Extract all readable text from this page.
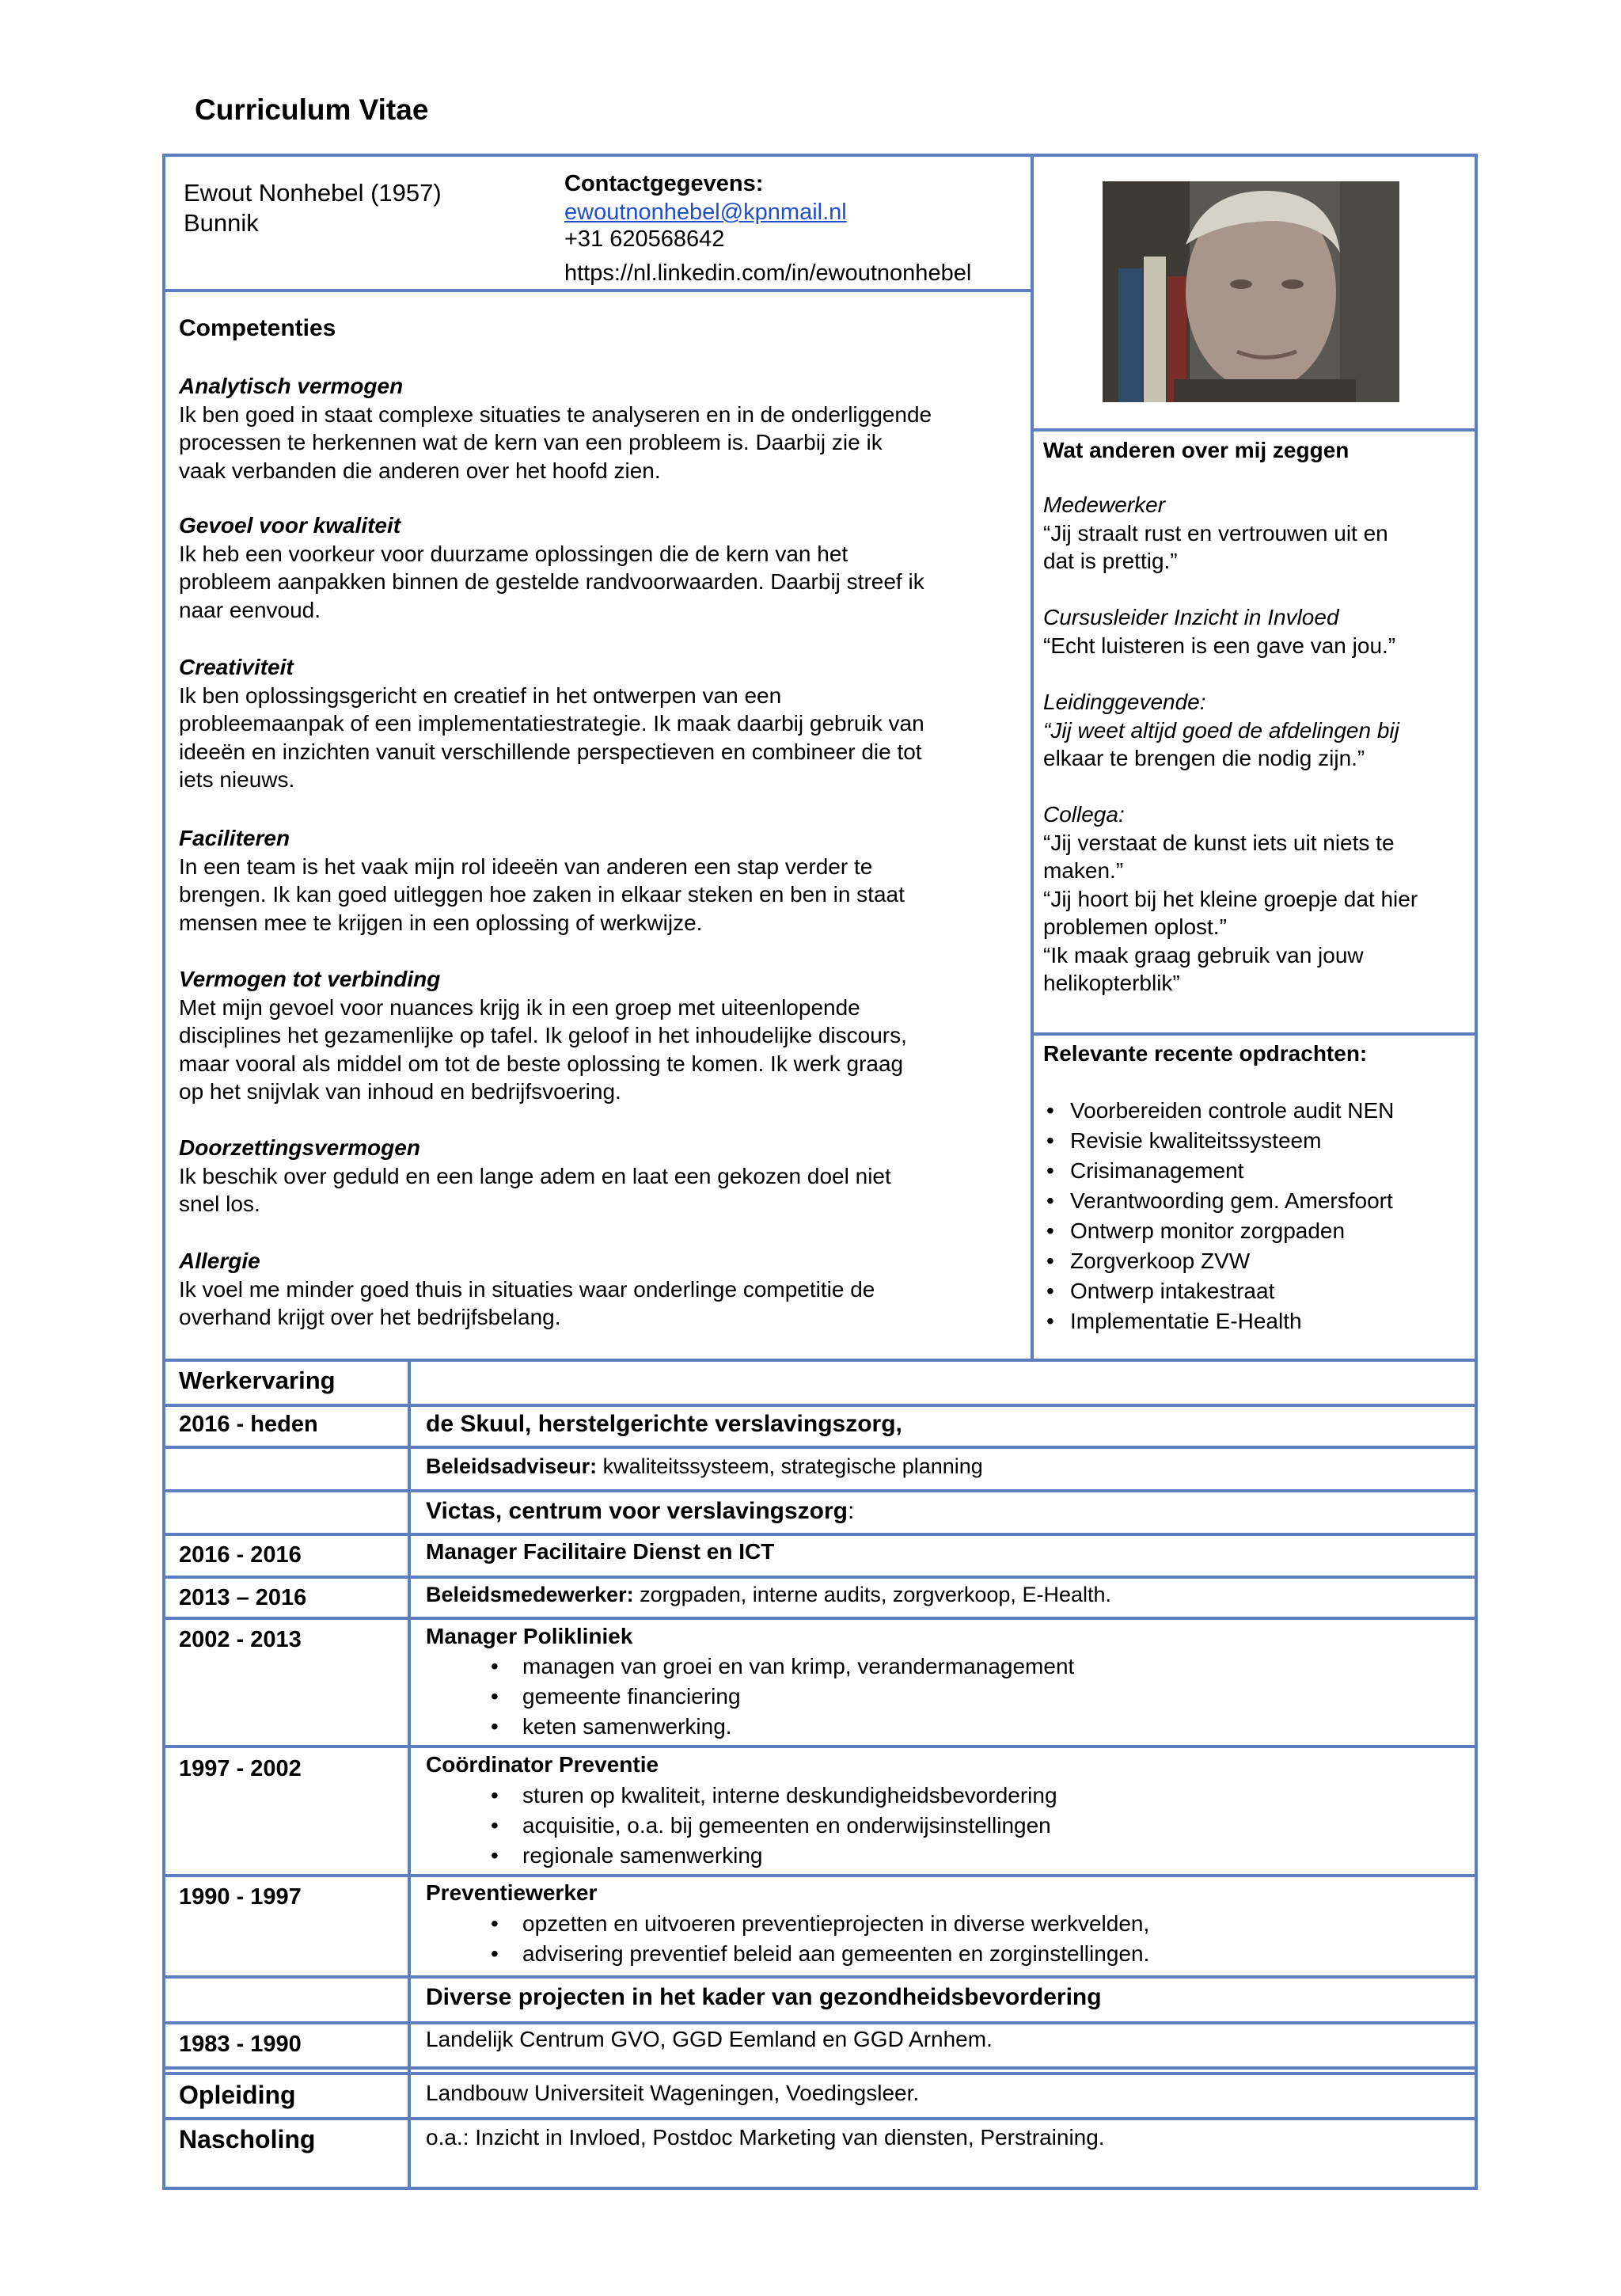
Curriculum Vitae
Ewout Nonhebel (1957)
Bunnik
Contactgegevens:
ewoutnonhebel@kpnmail.nl
+31 620568642
https://nl.linkedin.com/in/ewoutnonhebel
Competenties
Analytisch vermogen
Ik ben goed in staat complexe situaties te analyseren en in de onderliggende
processen te herkennen wat de kern van een probleem is. Daarbij zie ik
vaak verbanden die anderen over het hoofd zien.
Gevoel voor kwaliteit
Ik heb een voorkeur voor duurzame oplossingen die de kern van het
probleem aanpakken binnen de gestelde randvoorwaarden. Daarbij streef ik
naar eenvoud.
Creativiteit
Ik ben oplossingsgericht en creatief in het ontwerpen van een
probleemaanpak of een implementatiestrategie. Ik maak daarbij gebruik van
ideeën en inzichten vanuit verschillende perspectieven en combineer die tot
iets nieuws.
Faciliteren
In een team is het vaak mijn rol ideeën van anderen een stap verder te
brengen. Ik kan goed uitleggen hoe zaken in elkaar steken en ben in staat
mensen mee te krijgen in een oplossing of werkwijze.
Vermogen tot verbinding
Met mijn gevoel voor nuances krijg ik in een groep met uiteenlopende
disciplines het gezamenlijke op tafel. Ik geloof in het inhoudelijke discours,
maar vooral als middel om tot de beste oplossing te komen. Ik werk graag
op het snijvlak van inhoud en bedrijfsvoering.
Doorzettingsvermogen
Ik beschik over geduld en een lange adem en laat een gekozen doel niet
snel los.
Allergie
Ik voel me minder goed thuis in situaties waar onderlinge competitie de
overhand krijgt over het bedrijfsbelang.
Wat anderen over mij zeggen
Medewerker
“Jij straalt rust en vertrouwen uit en
dat is prettig.”
Cursusleider Inzicht in Invloed
“Echt luisteren is een gave van jou.”
Leidinggevende:
“Jij weet altijd goed de afdelingen bij
elkaar te brengen die nodig zijn.”
Collega:
“Jij verstaat de kunst iets uit niets te
maken.”
“Jij hoort bij het kleine groepje dat hier
problemen oplost.”
“Ik maak graag gebruik van jouw
helikopterblik”
Relevante recente opdrachten:
• Voorbereiden controle audit NEN
• Revisie kwaliteitssysteem
• Crisimanagement
• Verantwoording gem. Amersfoort
• Ontwerp monitor zorgpaden
• Zorgverkoop ZVW
• Ontwerp intakestraat
• Implementatie E-Health
Werkervaring
2016 - heden	de Skuul, herstelgerichte verslavingszorg,
Beleidsadviseur: kwaliteitssysteem, strategische planning
Victas, centrum voor verslavingszorg:
2016 - 2016	Manager Facilitaire Dienst en ICT
2013 – 2016	Beleidsmedewerker: zorgpaden, interne audits, zorgverkoop, E-Health.
2002 - 2013	Manager Polikliniek
• managen van groei en van krimp, verandermanagement
• gemeente financiering
• keten samenwerking.
1997 - 2002	Coördinator Preventie
• sturen op kwaliteit, interne deskundigheidsbevordering
• acquisitie, o.a. bij gemeenten en onderwijsinstellingen
• regionale samenwerking
1990 - 1997	Preventiewerker
• opzetten en uitvoeren preventieprojecten in diverse werkvelden,
• advisering preventief beleid aan gemeenten en zorginstellingen.
Diverse projecten in het kader van gezondheidsbevordering
1983 - 1990	Landelijk Centrum GVO, GGD Eemland en GGD Arnhem.
Opleiding	Landbouw Universiteit Wageningen, Voedingsleer.
Nascholing	o.a.: Inzicht in Invloed, Postdoc Marketing van diensten, Perstraining.
